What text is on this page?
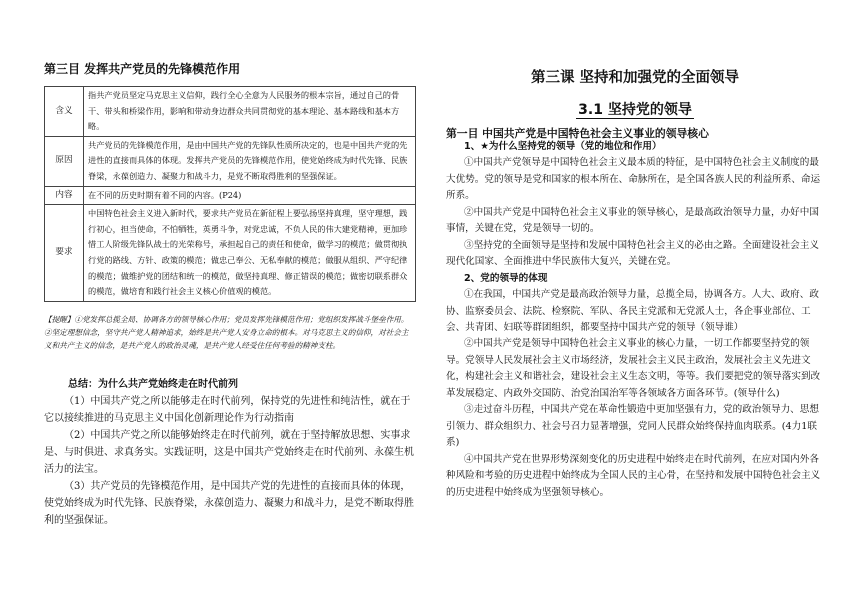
第三目 发挥共产党员的先锋模范作用
含义	指共产党员坚定马克思主义信仰，践行全心全意为人民服务的根本宗旨，通过自己的骨干、带头和桥梁作用，影响和带动身边群众共同贯彻党的基本理论、基本路线和基本方略。
原因	共产党员的先锋模范作用，是由中国共产党的先锋队性质所决定的，也是中国共产党的先进性的直接而具体的体现。发挥共产党员的先锋模范作用，使党始终成为时代先锋、民族脊梁，永葆创造力、凝聚力和战斗力，是党不断取得胜利的坚强保证。
内容	在不同的历史时期有着不同的内容。(P24)
要求	中国特色社会主义进入新时代，要求共产党员在新征程上要弘扬坚持真理，坚守理想，践行初心，担当使命，不怕牺牲，英勇斗争，对党忠诚，不负人民的伟大建党精神，更加珍惜工人阶级先锋队战士的光荣称号，承担起自己的责任和使命，做学习的模范；做贯彻执行党的路线、方针、政策的模范；做忠己奉公、无私奉献的模范；做服从组织、严守纪律的模范；做维护党的团结和统一的模范，做坚持真理、修正错误的模范；做密切联系群众的模范，做培育和践行社会主义核心价值观的模范。
【提醒】①党发挥总揽全局、协调各方的领导核心作用；党员发挥先锋模范作用；党组织发挥战斗堡垒作用。②坚定理想信念，坚守共产党人精神追求，始终是共产党人安身立命的根本。对马克思主义的信仰，对社会主义和共产主义的信念，是共产党人的政治灵魂，是共产党人经受住任何考验的精神支柱。
总结：为什么共产党始终走在时代前列

（1）中国共产党之所以能够走在时代前列，保持党的先进性和纯洁性，就在于它以接续推进的马克思主义中国化创新理论作为行动指南

（2）中国共产党之所以能够始终走在时代前列，就在于坚持解放思想、实事求是、与时俱进、求真务实。实践证明，这是中国共产党始终走在时代前列、永葆生机活力的法宝。

（3）共产党员的先锋模范作用，是中国共产党的先进性的直接而具体的体现，使党始终成为时代先锋、民族脊梁，永葆创造力、凝聚力和战斗力，是党不断取得胜利的坚强保证。

第三课 坚持和加强党的全面领导
3.1 坚持党的领导
第一目 中国共产党是中国特色社会主义事业的领导核心
1、★为什么坚持党的领导（党的地位和作用）

①中国共产党领导是中国特色社会主义最本质的特征，是中国特色社会主义制度的最大优势。党的领导是党和国家的根本所在、命脉所在，是全国各族人民的利益所系、命运所系。

②中国共产党是中国特色社会主义事业的领导核心，是最高政治领导力量，办好中国事情，关键在党，党是领导一切的。

③坚持党的全面领导是坚持和发展中国特色社会主义的必由之路。全面建设社会主义现代化国家、全面推进中华民族伟大复兴，关键在党。

2、党的领导的体现

①在我国，中国共产党是最高政治领导力量，总揽全局，协调各方。人大、政府、政协、监察委员会、法院、检察院、军队、各民主党派和无党派人士，各企事业部位、工会、共青团、妇联等群团组织，都要坚持中国共产党的领导（领导谁）

②中国共产党是领导中国特色社会主义事业的核心力量，一切工作都要坚持党的领导。党领导人民发展社会主义市场经济，发展社会主义民主政治，发展社会主义先进文化，构建社会主义和谐社会，建设社会主义生态文明，等等。我们要把党的领导落实到改革发展稳定、内政外交国防、治党治国治军等各领域各方面各环节。(领导什么)

③走过奋斗历程，中国共产党在革命性锻造中更加坚强有力，党的政治领导力、思想引领力、群众组织力、社会号召力显著增强，党同人民群众始终保持血肉联系。(4力1联系)

④中国共产党在世界形势深刻变化的历史进程中始终走在时代前列，在应对国内外各种风险和考验的历史进程中始终成为全国人民的主心骨，在坚持和发展中国特色社会主义的历史进程中始终成为坚强领导核心。
